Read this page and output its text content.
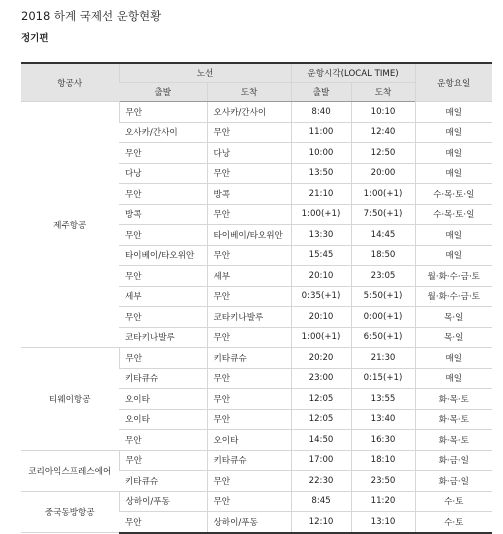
2018 하계 국제선 운항현황
정기편
항공사	노선		운항시각(LOCAL TIME)		운항요일
	출발	도착	출발	도착	
제주항공	무안	오사카/간사이	8:40	10:10	매일
	오사카/간사이	무안	11:00	12:40	매일
	무안	다낭	10:00	12:50	매일
	다낭	무안	13:50	20:00	매일
	무안	방콕	21:10	1:00(+1)	수·목·토·일
	방콕	무안	1:00(+1)	7:50(+1)	수·목·토·일
	무안	타이베이/타오위안	13:30	14:45	매일
	타이베이/타오위안	무안	15:45	18:50	매일
	무안	세부	20:10	23:05	월·화·수·금·토
	세부	무안	0:35(+1)	5:50(+1)	월·화·수·금·토
	무안	코타키나발루	20:10	0:00(+1)	목·일
	코타키나발루	무안	1:00(+1)	6:50(+1)	목·일
티웨이항공	무안	키타큐슈	20:20	21:30	매일
	키타큐슈	무안	23:00	0:15(+1)	매일
	오이타	무안	12:05	13:55	화·목·토
	오이타	무안	12:05	13:40	화·목·토
	무안	오이타	14:50	16:30	화·목·토
코리아익스프레스에어	무안	키타큐슈	17:00	18:10	화·금·일
	키타큐슈	무안	22:30	23:50	화·금·일
중국동방항공	상하이/푸동	무안	8:45	11:20	수·토
	무안	상하이/푸동	12:10	13:10	수·토
